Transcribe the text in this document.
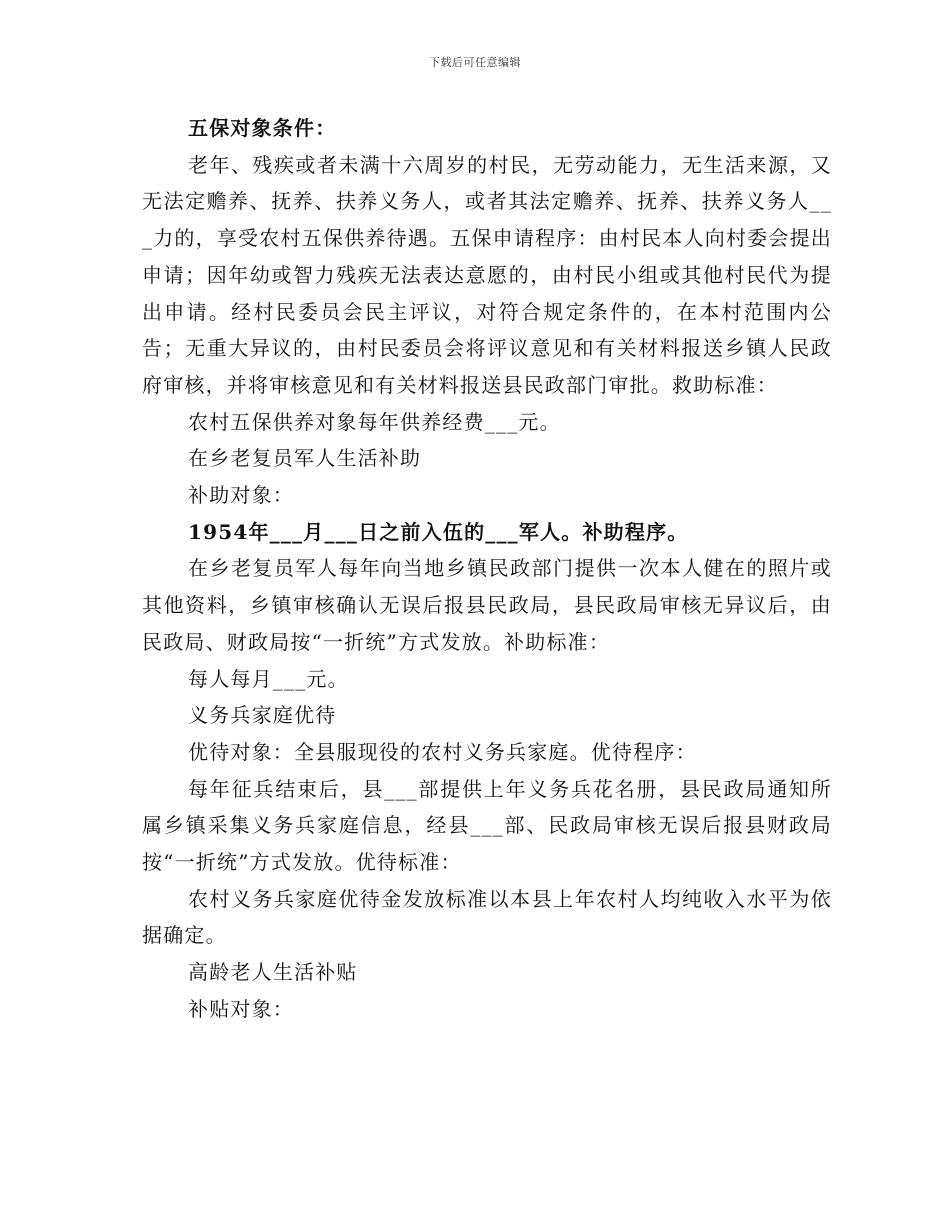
下载后可任意编辑

五保对象条件：

老年、残疾或者未满十六周岁的村民，无劳动能力，无生活来源，又无法定赡养、抚养、扶养义务人，或者其法定赡养、抚养、扶养义务人___力的，享受农村五保供养待遇。五保申请程序：由村民本人向村委会提出申请；因年幼或智力残疾无法表达意愿的，由村民小组或其他村民代为提出申请。经村民委员会民主评议，对符合规定条件的，在本村范围内公告；无重大异议的，由村民委员会将评议意见和有关材料报送乡镇人民政府审核，并将审核意见和有关材料报送县民政部门审批。救助标准：

农村五保供养对象每年供养经费___元。

在乡老复员军人生活补助

补助对象：

1954年___月___日之前入伍的___军人。补助程序。

在乡老复员军人每年向当地乡镇民政部门提供一次本人健在的照片或其他资料，乡镇审核确认无误后报县民政局，县民政局审核无异议后，由民政局、财政局按“一折统”方式发放。补助标准：

每人每月___元。

义务兵家庭优待

优待对象：全县服现役的农村义务兵家庭。优待程序：

每年征兵结束后，县___部提供上年义务兵花名册，县民政局通知所属乡镇采集义务兵家庭信息，经县___部、民政局审核无误后报县财政局按“一折统”方式发放。优待标准：

农村义务兵家庭优待金发放标准以本县上年农村人均纯收入水平为依据确定。

高龄老人生活补贴

补贴对象：
